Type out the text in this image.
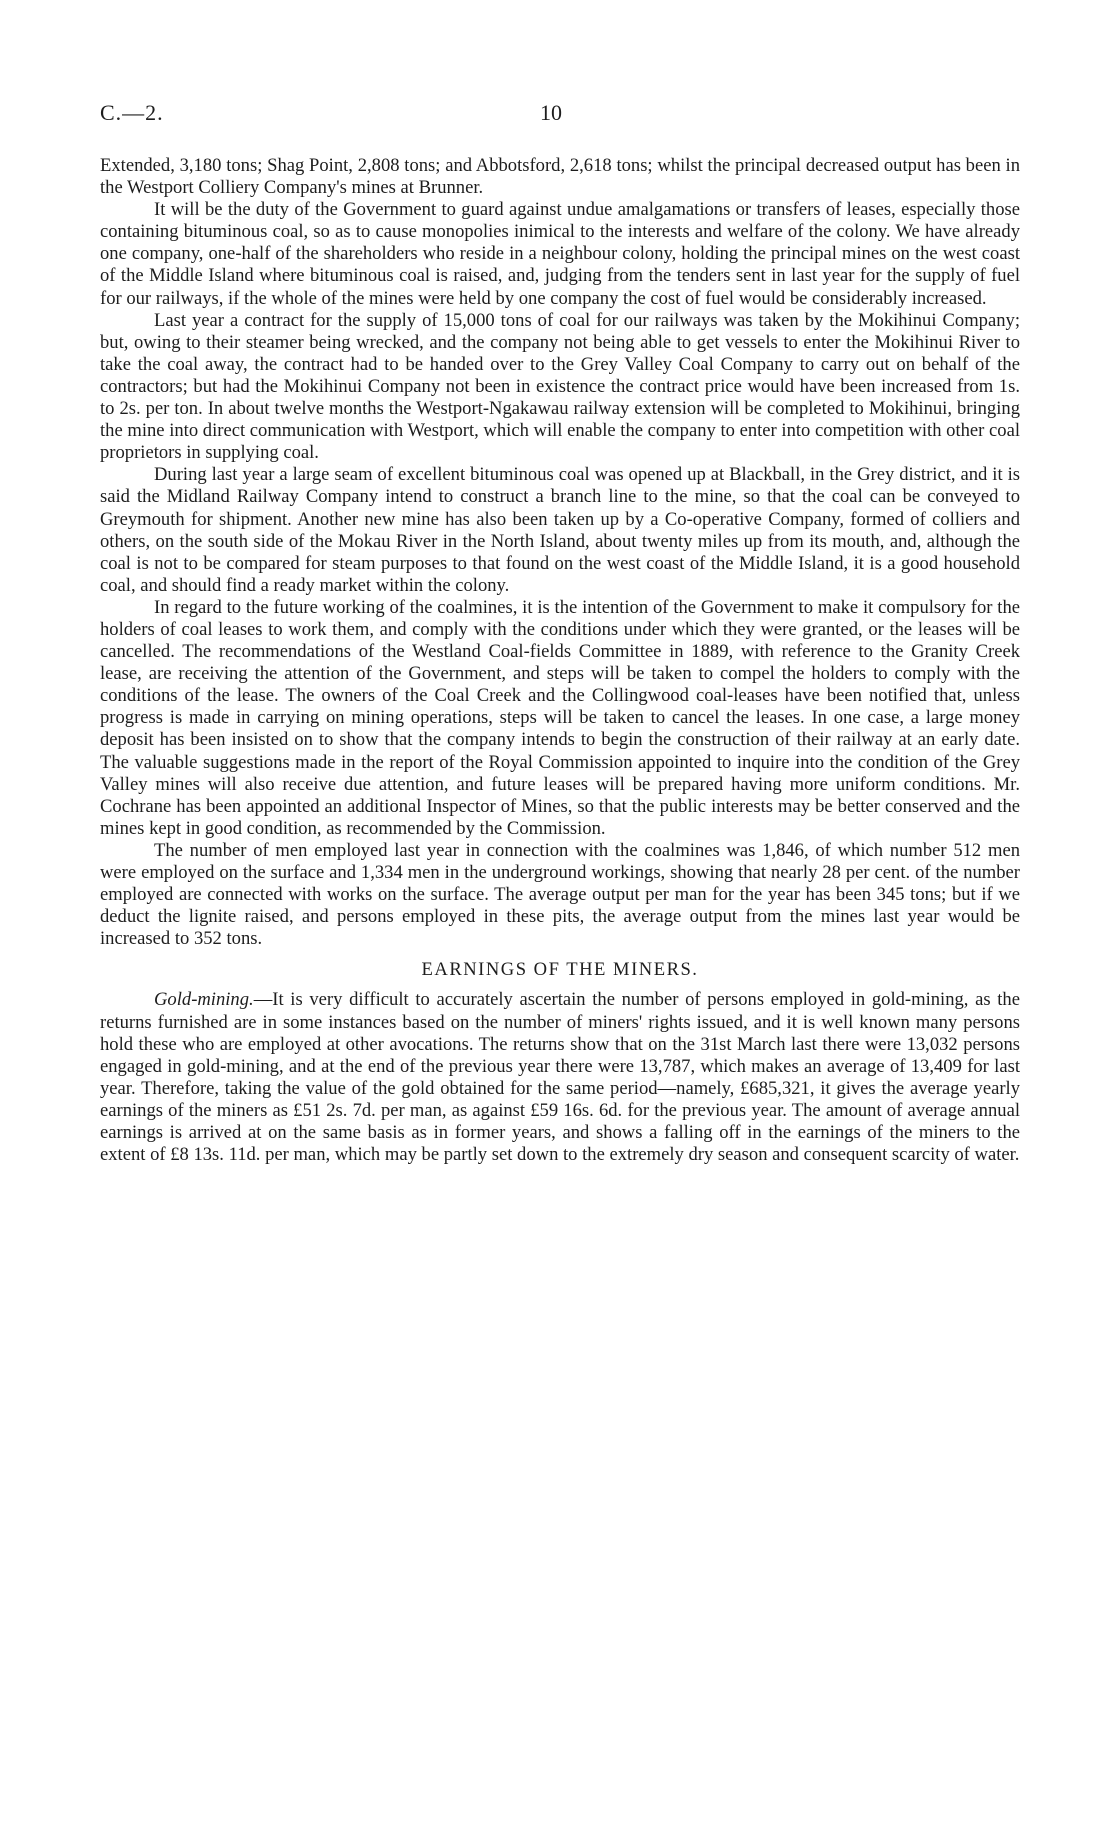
C.—2.	10

Extended, 3,180 tons; Shag Point, 2,808 tons; and Abbotsford, 2,618 tons; whilst the principal decreased output has been in the Westport Colliery Company's mines at Brunner.

It will be the duty of the Government to guard against undue amalgamations or transfers of leases, especially those containing bituminous coal, so as to cause monopolies inimical to the interests and welfare of the colony. We have already one company, one-half of the shareholders who reside in a neighbour colony, holding the principal mines on the west coast of the Middle Island where bituminous coal is raised, and, judging from the tenders sent in last year for the supply of fuel for our railways, if the whole of the mines were held by one company the cost of fuel would be considerably increased.

Last year a contract for the supply of 15,000 tons of coal for our railways was taken by the Mokihinui Company; but, owing to their steamer being wrecked, and the company not being able to get vessels to enter the Mokihinui River to take the coal away, the contract had to be handed over to the Grey Valley Coal Company to carry out on behalf of the contractors; but had the Mokihinui Company not been in existence the contract price would have been increased from 1s. to 2s. per ton. In about twelve months the Westport-Ngakawau railway extension will be completed to Mokihinui, bringing the mine into direct communication with Westport, which will enable the company to enter into competition with other coal proprietors in supplying coal.

During last year a large seam of excellent bituminous coal was opened up at Blackball, in the Grey district, and it is said the Midland Railway Company intend to construct a branch line to the mine, so that the coal can be conveyed to Greymouth for shipment. Another new mine has also been taken up by a Co-operative Company, formed of colliers and others, on the south side of the Mokau River in the North Island, about twenty miles up from its mouth, and, although the coal is not to be compared for steam purposes to that found on the west coast of the Middle Island, it is a good household coal, and should find a ready market within the colony.

In regard to the future working of the coalmines, it is the intention of the Government to make it compulsory for the holders of coal leases to work them, and comply with the conditions under which they were granted, or the leases will be cancelled. The recommendations of the Westland Coal-fields Committee in 1889, with reference to the Granity Creek lease, are receiving the attention of the Government, and steps will be taken to compel the holders to comply with the conditions of the lease. The owners of the Coal Creek and the Collingwood coal-leases have been notified that, unless progress is made in carrying on mining operations, steps will be taken to cancel the leases. In one case, a large money deposit has been insisted on to show that the company intends to begin the construction of their railway at an early date. The valuable suggestions made in the report of the Royal Commission appointed to inquire into the condition of the Grey Valley mines will also receive due attention, and future leases will be prepared having more uniform conditions. Mr. Cochrane has been appointed an additional Inspector of Mines, so that the public interests may be better conserved and the mines kept in good condition, as recommended by the Commission.

The number of men employed last year in connection with the coalmines was 1,846, of which number 512 men were employed on the surface and 1,334 men in the underground workings, showing that nearly 28 per cent. of the number employed are connected with works on the surface. The average output per man for the year has been 345 tons; but if we deduct the lignite raised, and persons employed in these pits, the average output from the mines last year would be increased to 352 tons.

EARNINGS OF THE MINERS.

Gold-mining.—It is very difficult to accurately ascertain the number of persons employed in gold-mining, as the returns furnished are in some instances based on the number of miners' rights issued, and it is well known many persons hold these who are employed at other avocations. The returns show that on the 31st March last there were 13,032 persons engaged in gold-mining, and at the end of the previous year there were 13,787, which makes an average of 13,409 for last year. Therefore, taking the value of the gold obtained for the same period—namely, £685,321, it gives the average yearly earnings of the miners as £51 2s. 7d. per man, as against £59 16s. 6d. for the previous year. The amount of average annual earnings is arrived at on the same basis as in former years, and shows a falling off in the earnings of the miners to the extent of £8 13s. 11d. per man, which may be partly set down to the extremely dry season and consequent scarcity of water.
